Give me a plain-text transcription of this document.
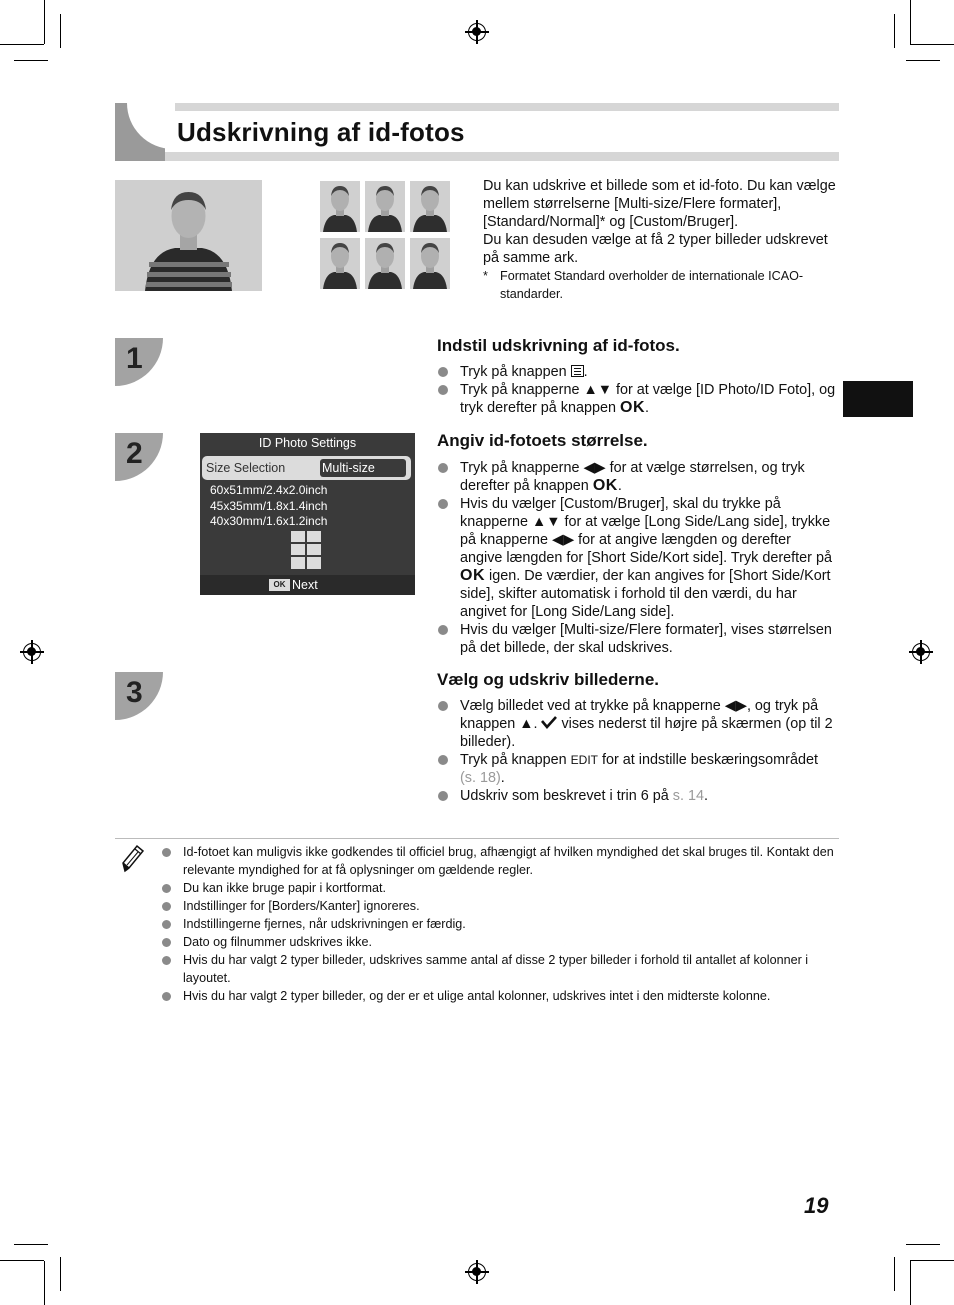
Udskrivning af id-fotos

Du kan udskrive et billede som et id-foto. Du kan vælge mellem størrelserne [Multi-size/Flere formater], [Standard/Normal]* og [Custom/Bruger].

Du kan desuden vælge at få 2 typer billeder udskrevet på samme ark.

* Formatet Standard overholder de internationale ICAO-standarder.
1	Indstil udskrivning af id-fotos.
Tryk på knappen .
Tryk på knapperne ▲▼ for at vælge [ID Photo/ID Foto], og tryk derefter på knappen OK.
2	ID Photo Settings
Size Selection	Multi-size
60x51mm/2.4x2.0inch
45x35mm/1.8x1.4inch
40x30mm/1.6x1.2inch
OK Next
Angiv id-fotoets størrelse.
Tryk på knapperne ◀▶ for at vælge størrelsen, og tryk derefter på knappen OK.
Hvis du vælger [Custom/Bruger], skal du trykke på knapperne ▲▼ for at vælge [Long Side/Lang side], trykke på knapperne ◀▶ for at angive længden og derefter angive længden for [Short Side/Kort side]. Tryk derefter på OK igen. De værdier, der kan angives for [Short Side/Kort side], skifter automatisk i forhold til den værdi, du har angivet for [Long Side/Lang side].
Hvis du vælger [Multi-size/Flere formater], vises størrelsen på det billede, der skal udskrives.
3	Vælg og udskriv billederne.
Vælg billedet ved at trykke på knapperne ◀▶, og tryk på knappen ▲. vises nederst til højre på skærmen (op til 2 billeder).
Tryk på knappen EDIT for at indstille beskæringsområdet (s. 18).
Udskriv som beskrevet i trin 6 på s. 14.
Id-fotoet kan muligvis ikke godkendes til officiel brug, afhængigt af hvilken myndighed det skal bruges til. Kontakt den relevante myndighed for at få oplysninger om gældende regler.
Du kan ikke bruge papir i kortformat.
Indstillinger for [Borders/Kanter] ignoreres.
Indstillingerne fjernes, når udskrivningen er færdig.
Dato og filnummer udskrives ikke.
Hvis du har valgt 2 typer billeder, udskrives samme antal af disse 2 typer billeder i forhold til antallet af kolonner i layoutet.
Hvis du har valgt 2 typer billeder, og der er et ulige antal kolonner, udskrives intet i den midterste kolonne.
19
